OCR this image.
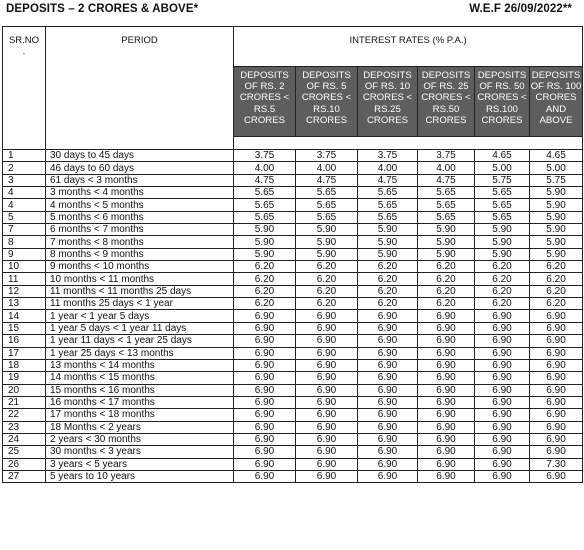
DEPOSITS – 2 CRORES & ABOVE*	W.E.F 26/09/2022**
SR.NO
.	PERIOD	INTEREST RATES (% P.A.)					
		DEPOSITS OF RS. 2 CRORES < RS.5 CRORES	DEPOSITS OF RS. 5 CRORES < RS.10 CRORES	DEPOSITS OF RS. 10 CRORES < RS.25 CRORES	DEPOSITS OF RS. 25 CRORES < RS.50 CRORES	DEPOSITS OF RS. 50 CRORES < RS.100 CRORES	DEPOSITS OF RS. 100 CRORES AND ABOVE

1	30 days to 45 days	3.75	3.75	3.75	3.75	4.65	4.65
2	46 days to 60 days	4.00	4.00	4.00	4.00	5.00	5.00
3	61 days < 3 months	4.75	4.75	4.75	4.75	5.75	5.75
4	3 months < 4 months	5.65	5.65	5.65	5.65	5.65	5.90
4	4 months < 5 months	5.65	5.65	5.65	5.65	5.65	5.90
5	5 months < 6 months	5.65	5.65	5.65	5.65	5.65	5.90
7	6 months < 7 months	5.90	5.90	5.90	5.90	5.90	5.90
8	7 months < 8 months	5.90	5.90	5.90	5.90	5.90	5.90
9	8 months < 9 months	5.90	5.90	5.90	5.90	5.90	5.90
10	9 months < 10 months	6.20	6.20	6.20	6.20	6.20	6.20
11	10 months < 11 months	6.20	6.20	6.20	6.20	6.20	6.20
12	11 months < 11 months 25 days	6.20	6.20	6.20	6.20	6.20	6.20
13	11 months 25 days < 1 year	6.20	6.20	6.20	6.20	6.20	6.20
14	1 year < 1 year 5 days	6.90	6.90	6.90	6.90	6.90	6.90
15	1 year 5 days < 1 year 11 days	6.90	6.90	6.90	6.90	6.90	6.90
16	1 year 11 days < 1 year 25 days	6.90	6.90	6.90	6.90	6.90	6.90
17	1 year 25 days < 13 months	6.90	6.90	6.90	6.90	6.90	6.90
18	13 months < 14 months	6.90	6.90	6.90	6.90	6.90	6.90
19	14 months < 15 months	6.90	6.90	6.90	6.90	6.90	6.90
20	15 months < 16 months	6.90	6.90	6.90	6.90	6.90	6.90
21	16 months < 17 months	6.90	6.90	6.90	6.90	6.90	6.90
22	17 months < 18 months	6.90	6.90	6.90	6.90	6.90	6.90
23	18 Months < 2 years	6.90	6.90	6.90	6.90	6.90	6.90
24	2 years < 30 months	6.90	6.90	6.90	6.90	6.90	6.90
25	30 months < 3 years	6.90	6.90	6.90	6.90	6.90	6.90
26	3 years < 5 years	6.90	6.90	6.90	6.90	6.90	7.30
27	5 years to 10 years	6.90	6.90	6.90	6.90	6.90	6.90
